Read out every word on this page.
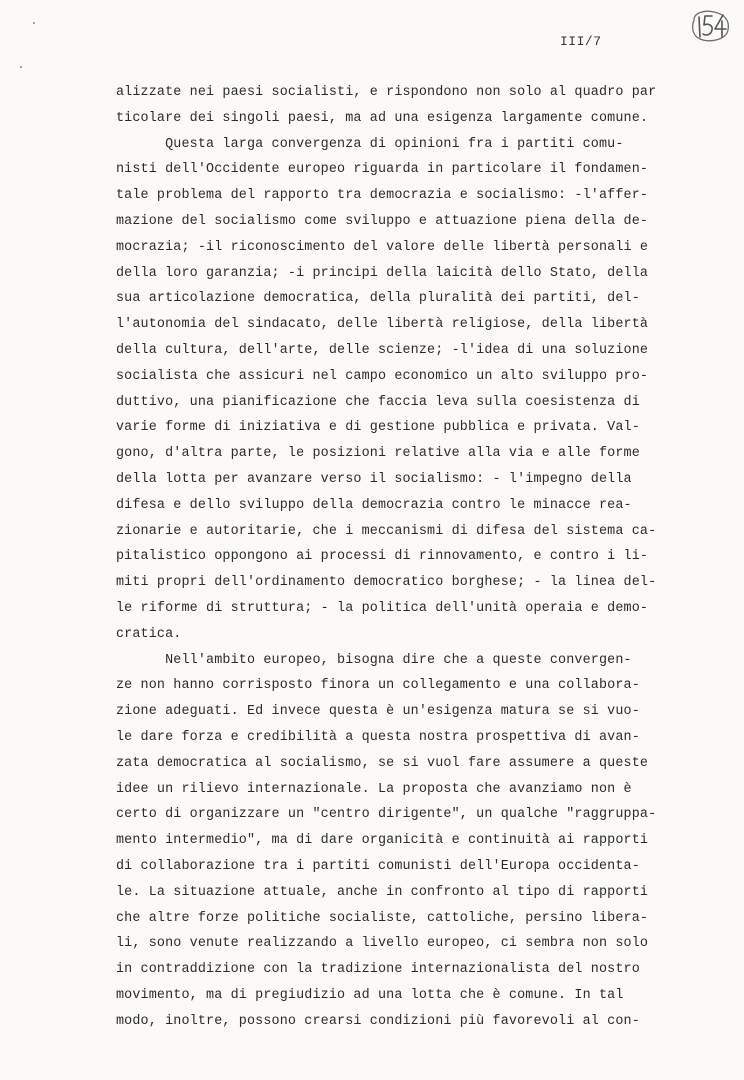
III/7
alizzate nei paesi socialisti, e rispondono non solo al quadro par
ticolare dei singoli paesi, ma ad una esigenza largamente comune.
Questa larga convergenza di opinioni fra i partiti comu-
nisti dell'Occidente europeo riguarda in particolare il fondamen-
tale problema del rapporto tra democrazia e socialismo: -l'affer-
mazione del socialismo come sviluppo e attuazione piena della de-
mocrazia; -il riconoscimento del valore delle libertà personali e
della loro garanzia; -i principi della laicità dello Stato, della
sua articolazione democratica, della pluralità dei partiti, del-
l'autonomia del sindacato, delle libertà religiose, della libertà
della cultura, dell'arte, delle scienze; -l'idea di una soluzione
socialista che assicuri nel campo economico un alto sviluppo pro-
duttivo, una pianificazione che faccia leva sulla coesistenza di
varie forme di iniziativa e di gestione pubblica e privata. Val-
gono, d'altra parte, le posizioni relative alla via e alle forme
della lotta per avanzare verso il socialismo: - l'impegno della
difesa e dello sviluppo della democrazia contro le minacce rea-
zionarie e autoritarie, che i meccanismi di difesa del sistema ca-
pitalistico oppongono ai processi di rinnovamento, e contro i li-
miti propri dell'ordinamento democratico borghese; - la linea del-
le riforme di struttura; - la politica dell'unità operaia e demo-
cratica.
Nell'ambito europeo, bisogna dire che a queste convergen-
ze non hanno corrisposto finora un collegamento e una collabora-
zione adeguati. Ed invece questa è un'esigenza matura se si vuo-
le dare forza e credibilità a questa nostra prospettiva di avan-
zata democratica al socialismo, se si vuol fare assumere a queste
idee un rilievo internazionale. La proposta che avanziamo non è
certo di organizzare un "centro dirigente", un qualche "raggruppa-
mento intermedio", ma di dare organicità e continuità ai rapporti
di collaborazione tra i partiti comunisti dell'Europa occidenta-
le. La situazione attuale, anche in confronto al tipo di rapporti
che altre forze politiche socialiste, cattoliche, persino libera-
li, sono venute realizzando a livello europeo, ci sembra non solo
in contraddizione con la tradizione internazionalista del nostro
movimento, ma di pregiudizio ad una lotta che è comune. In tal
modo, inoltre, possono crearsi condizioni più favorevoli al con-
